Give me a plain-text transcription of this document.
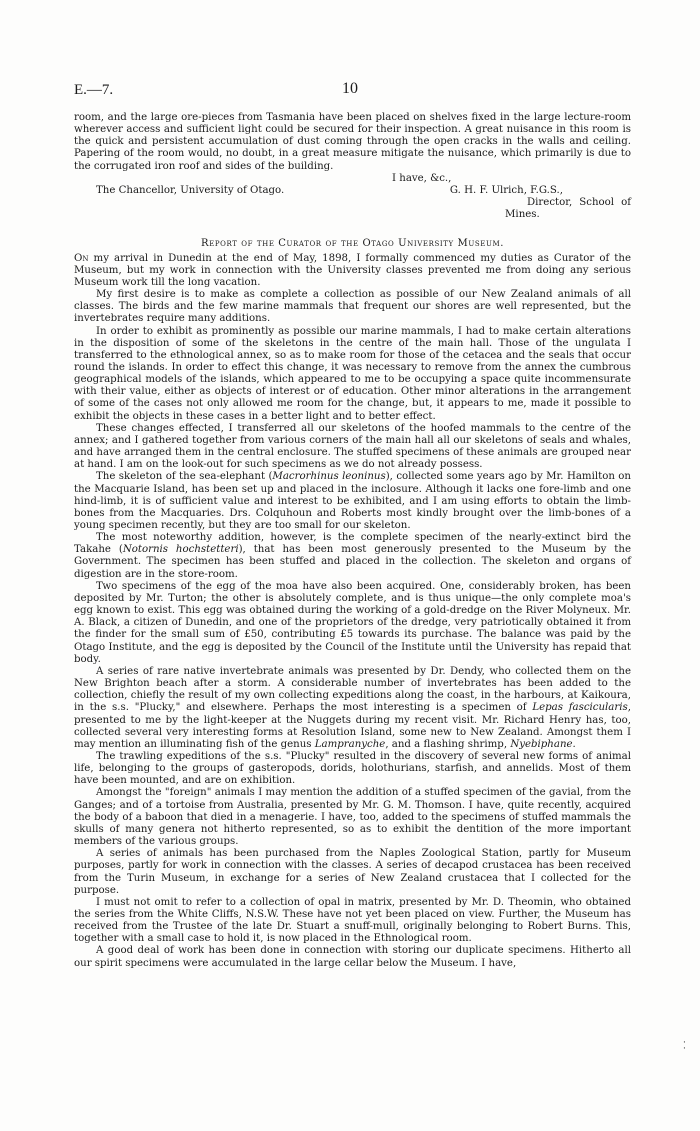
E.—7.	10

room, and the large ore-pieces from Tasmania have been placed on shelves fixed in the large lecture-room wherever access and sufficient light could be secured for their inspection. A great nuisance in this room is the quick and persistent accumulation of dust coming through the open cracks in the walls and ceiling. Papering of the room would, no doubt, in a great measure mitigate the nuisance, which primarily is due to the corrugated iron roof and sides of the building.

I have, &c.,

The Chancellor, University of Otago.	G. H. F. Ulrich, F.G.S.,

Director, School of Mines.

Report of the Curator of the Otago University Museum.

On my arrival in Dunedin at the end of May, 1898, I formally commenced my duties as Curator of the Museum, but my work in connection with the University classes prevented me from doing any serious Museum work till the long vacation.

My first desire is to make as complete a collection as possible of our New Zealand animals of all classes. The birds and the few marine mammals that frequent our shores are well represented, but the invertebrates require many additions.

In order to exhibit as prominently as possible our marine mammals, I had to make certain alterations in the disposition of some of the skeletons in the centre of the main hall. Those of the ungulata I transferred to the ethnological annex, so as to make room for those of the cetacea and the seals that occur round the islands. In order to effect this change, it was necessary to remove from the annex the cumbrous geographical models of the islands, which appeared to me to be occupying a space quite incommensurate with their value, either as objects of interest or of education. Other minor alterations in the arrangement of some of the cases not only allowed me room for the change, but, it appears to me, made it possible to exhibit the objects in these cases in a better light and to better effect.

These changes effected, I transferred all our skeletons of the hoofed mammals to the centre of the annex; and I gathered together from various corners of the main hall all our skeletons of seals and whales, and have arranged them in the central enclosure. The stuffed specimens of these animals are grouped near at hand. I am on the look-out for such specimens as we do not already possess.

The skeleton of the sea-elephant (Macrorhinus leoninus), collected some years ago by Mr. Hamilton on the Macquarie Island, has been set up and placed in the inclosure. Although it lacks one fore-limb and one hind-limb, it is of sufficient value and interest to be exhibited, and I am using efforts to obtain the limb-bones from the Macquaries. Drs. Colquhoun and Roberts most kindly brought over the limb-bones of a young specimen recently, but they are too small for our skeleton.

The most noteworthy addition, however, is the complete specimen of the nearly-extinct bird the Takahe (Notornis hochstetteri), that has been most generously presented to the Museum by the Government. The specimen has been stuffed and placed in the collection. The skeleton and organs of digestion are in the store-room.

Two specimens of the egg of the moa have also been acquired. One, considerably broken, has been deposited by Mr. Turton; the other is absolutely complete, and is thus unique—the only complete moa's egg known to exist. This egg was obtained during the working of a gold-dredge on the River Molyneux. Mr. A. Black, a citizen of Dunedin, and one of the proprietors of the dredge, very patriotically obtained it from the finder for the small sum of £50, contributing £5 towards its purchase. The balance was paid by the Otago Institute, and the egg is deposited by the Council of the Institute until the University has repaid that body.

A series of rare native invertebrate animals was presented by Dr. Dendy, who collected them on the New Brighton beach after a storm. A considerable number of invertebrates has been added to the collection, chiefly the result of my own collecting expeditions along the coast, in the harbours, at Kaikoura, in the s.s. "Plucky," and elsewhere. Perhaps the most interesting is a specimen of Lepas fascicularis, presented to me by the light-keeper at the Nuggets during my recent visit. Mr. Richard Henry has, too, collected several very interesting forms at Resolution Island, some new to New Zealand. Amongst them I may mention an illuminating fish of the genus Lampranyche, and a flashing shrimp, Nyebiphane.

The trawling expeditions of the s.s. "Plucky" resulted in the discovery of several new forms of animal life, belonging to the groups of gasteropods, dorids, holothurians, starfish, and annelids. Most of them have been mounted, and are on exhibition.

Amongst the "foreign" animals I may mention the addition of a stuffed specimen of the gavial, from the Ganges; and of a tortoise from Australia, presented by Mr. G. M. Thomson. I have, quite recently, acquired the body of a baboon that died in a menagerie. I have, too, added to the specimens of stuffed mammals the skulls of many genera not hitherto represented, so as to exhibit the dentition of the more important members of the various groups.

A series of animals has been purchased from the Naples Zoological Station, partly for Museum purposes, partly for work in connection with the classes. A series of decapod crustacea has been received from the Turin Museum, in exchange for a series of New Zealand crustacea that I collected for the purpose.

I must not omit to refer to a collection of opal in matrix, presented by Mr. D. Theomin, who obtained the series from the White Cliffs, N.S.W. These have not yet been placed on view. Further, the Museum has received from the Trustee of the late Dr. Stuart a snuff-mull, originally belonging to Robert Burns. This, together with a small case to hold it, is now placed in the Ethnological room.

A good deal of work has been done in connection with storing our duplicate specimens. Hitherto all our spirit specimens were accumulated in the large cellar below the Museum. I have,

·
·
